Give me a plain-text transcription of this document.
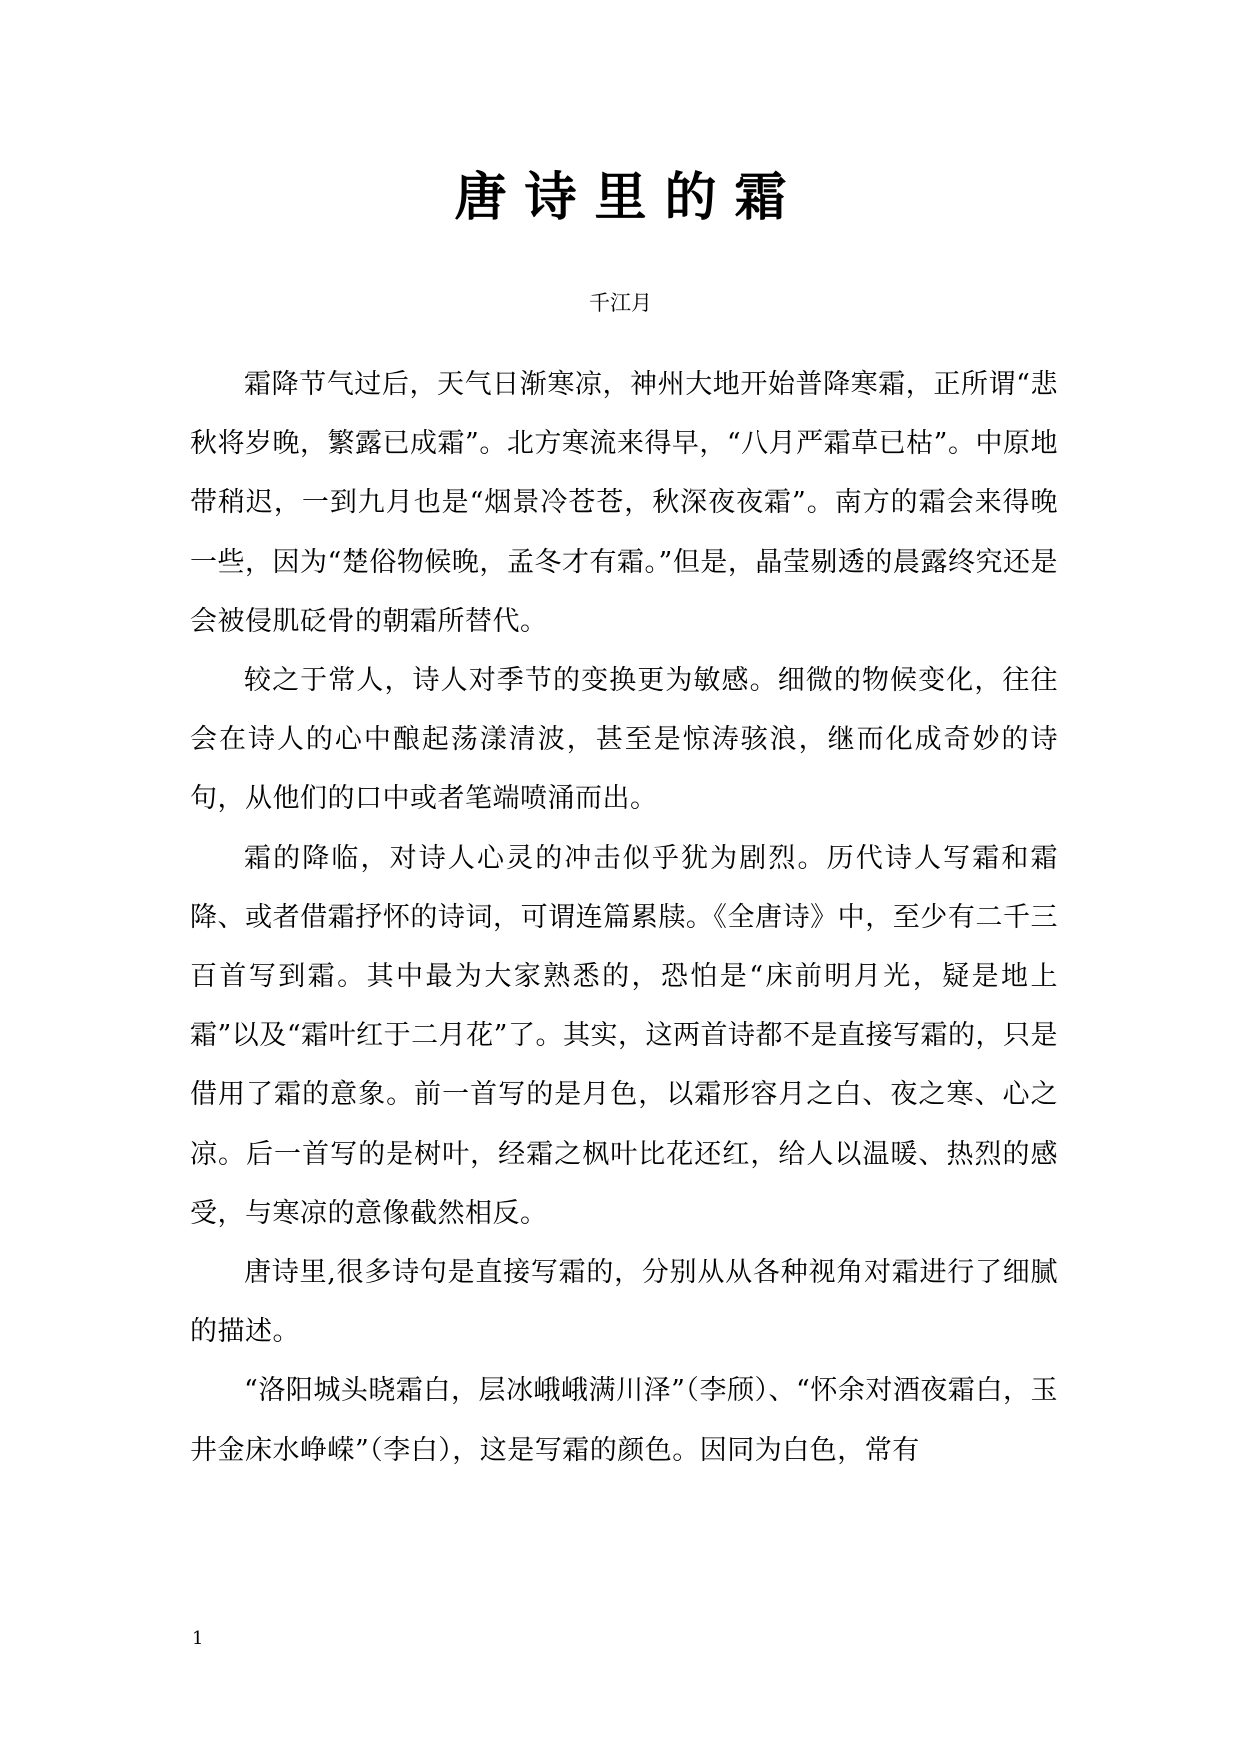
唐诗里的霜

千江月

霜降节气过后，天气日渐寒凉，神州大地开始普降寒霜，正所谓“悲秋将岁晚，繁露已成霜”。北方寒流来得早，“八月严霜草已枯”。中原地带稍迟，一到九月也是“烟景冷苍苍，秋深夜夜霜”。南方的霜会来得晚一些，因为“楚俗物候晚，孟冬才有霜。”但是，晶莹剔透的晨露终究还是会被侵肌砭骨的朝霜所替代。

较之于常人，诗人对季节的变换更为敏感。细微的物候变化，往往会在诗人的心中酿起荡漾清波，甚至是惊涛骇浪，继而化成奇妙的诗句，从他们的口中或者笔端喷涌而出。

霜的降临，对诗人心灵的冲击似乎犹为剧烈。历代诗人写霜和霜降、或者借霜抒怀的诗词，可谓连篇累牍。《全唐诗》中，至少有二千三百首写到霜。其中最为大家熟悉的，恐怕是“床前明月光，疑是地上霜”以及“霜叶红于二月花”了。其实，这两首诗都不是直接写霜的，只是借用了霜的意象。前一首写的是月色，以霜形容月之白、夜之寒、心之凉。后一首写的是树叶，经霜之枫叶比花还红，给人以温暖、热烈的感受，与寒凉的意像截然相反。

唐诗里,很多诗句是直接写霜的，分别从从各种视角对霜进行了细腻的描述。

“洛阳城头晓霜白，层冰峨峨满川泽”（李颀）、“怀余对酒夜霜白，玉井金床水峥嵘”（李白），这是写霜的颜色。因同为白色，常有

1
